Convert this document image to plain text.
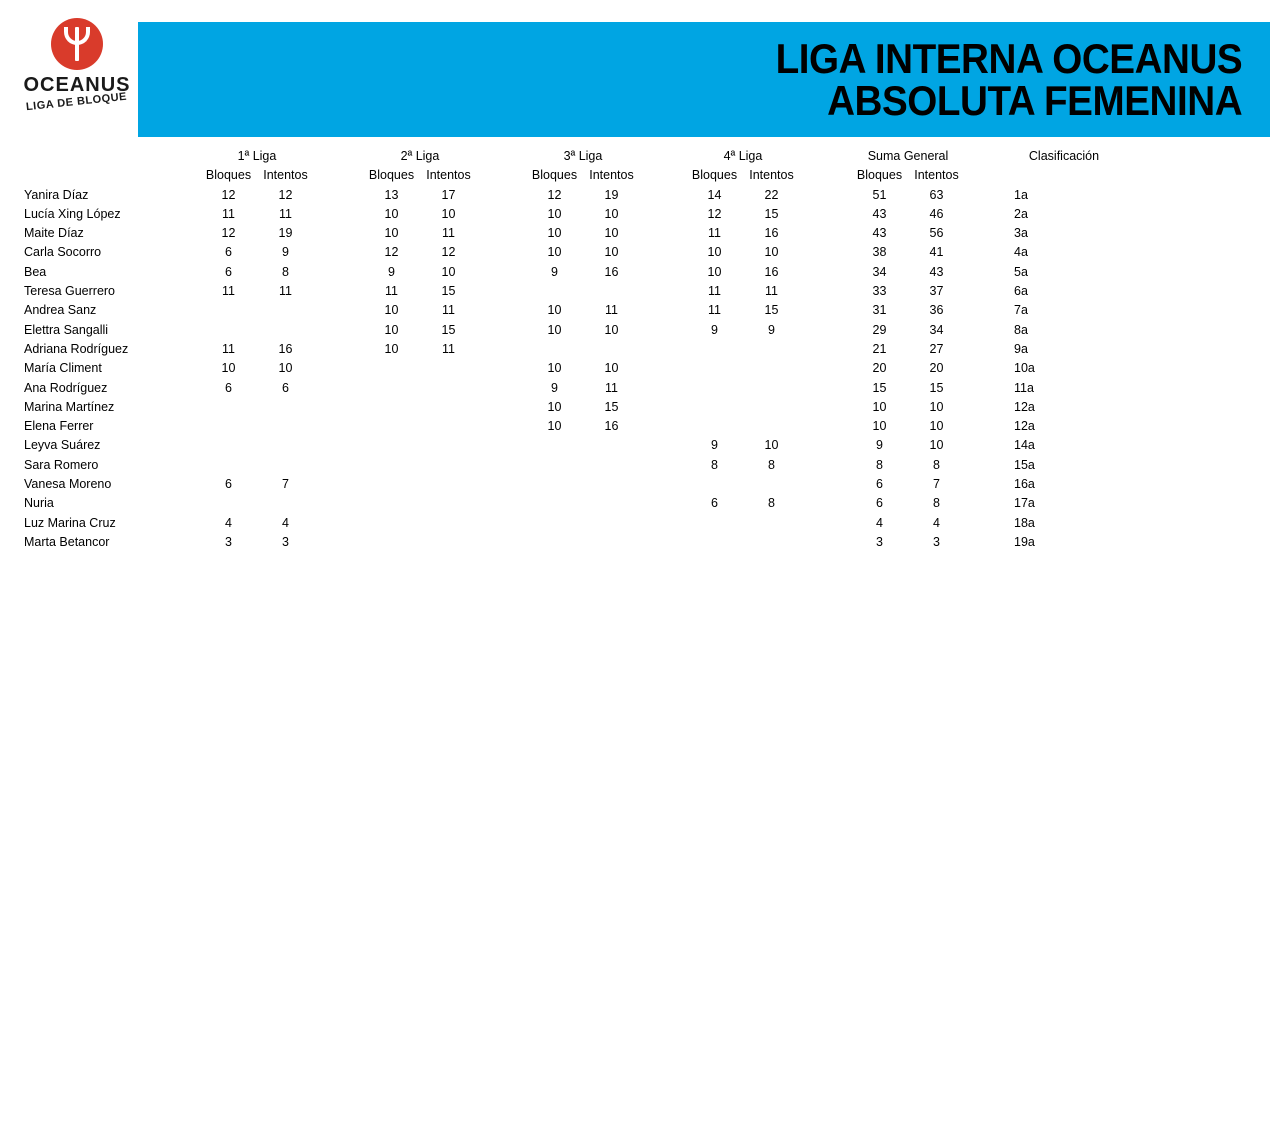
OCEANUS
LIGA DE BLOQUE
LIGA INTERNA OCEANUS
ABSOLUTA FEMENINA
	1ª Liga			2ª Liga			3ª Liga			4ª Liga			Suma General			Clasificación
	Bloques	Intentos		Bloques	Intentos		Bloques	Intentos		Bloques	Intentos		Bloques	Intentos		
Yanira Díaz	12	12		13	17		12	19		14	22		51	63		1a
Lucía Xing López	11	11		10	10		10	10		12	15		43	46		2a
Maite Díaz	12	19		10	11		10	10		11	16		43	56		3a
Carla Socorro	6	9		12	12		10	10		10	10		38	41		4a
Bea	6	8		9	10		9	16		10	16		34	43		5a
Teresa Guerrero	11	11		11	15					11	11		33	37		6a
Andrea Sanz				10	11		10	11		11	15		31	36		7a
Elettra Sangalli				10	15		10	10		9	9		29	34		8a
Adriana Rodríguez	11	16		10	11								21	27		9a
María Climent	10	10					10	10					20	20		10a
Ana Rodríguez	6	6					9	11					15	15		11a
Marina Martínez							10	15					10	10		12a
Elena Ferrer							10	16					10	10		12a
Leyva Suárez										9	10		9	10		14a
Sara Romero										8	8		8	8		15a
Vanesa Moreno	6	7											6	7		16a
Nuria										6	8		6	8		17a
Luz Marina Cruz	4	4											4	4		18a
Marta Betancor	3	3											3	3		19a
